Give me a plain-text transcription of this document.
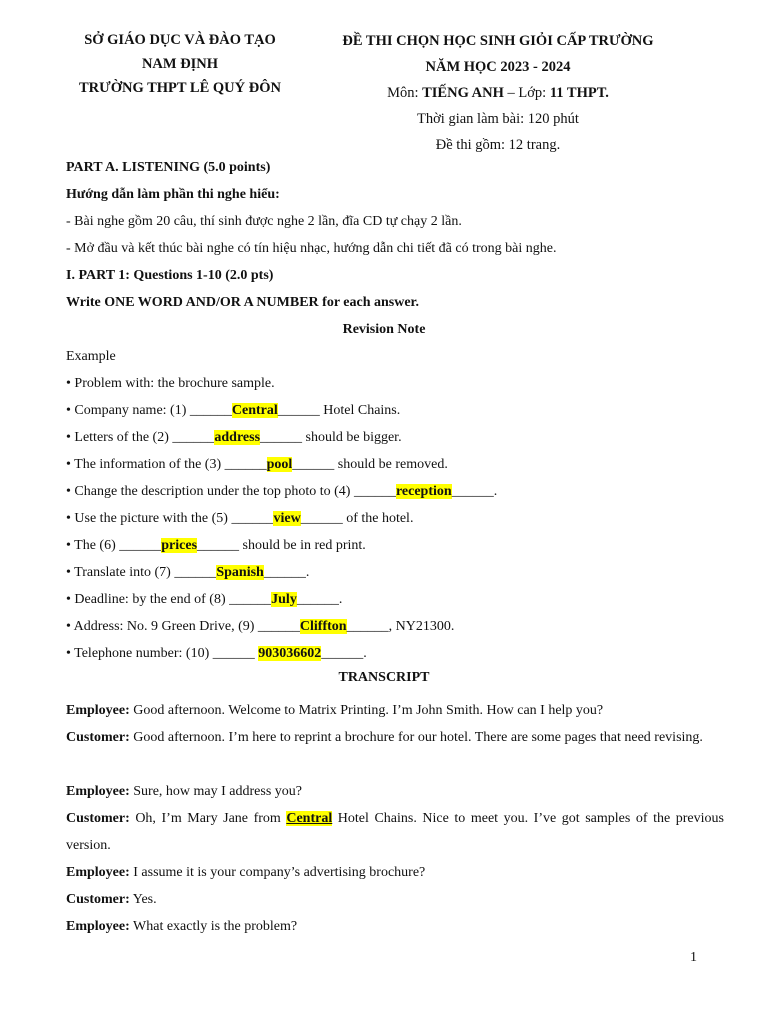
SỞ GIÁO DỤC VÀ ĐÀO TẠO
NAM ĐỊNH
TRƯỜNG THPT LÊ QUÝ ĐÔN
ĐỀ THI CHỌN HỌC SINH GIỎI CẤP TRƯỜNG
NĂM HỌC 2023 - 2024
Môn: TIẾNG ANH – Lớp: 11 THPT.
Thời gian làm bài: 120 phút
Đề thi gồm: 12 trang.
PART A. LISTENING (5.0 points)
Hướng dẫn làm phần thi nghe hiểu:
- Bài nghe gồm 20 câu, thí sinh được nghe 2 lần, đĩa CD tự chạy 2 lần.
- Mở đầu và kết thúc bài nghe có tín hiệu nhạc, hướng dẫn chi tiết đã có trong bài nghe.
I. PART 1: Questions 1-10 (2.0 pts)
Write ONE WORD AND/OR A NUMBER for each answer.
Revision Note
Example
• Problem with: the brochure sample.
• Company name: (1) ______Central______ Hotel Chains.
• Letters of the (2) ______address______ should be bigger.
• The information of the (3) ______pool______ should be removed.
• Change the description under the top photo to (4) ______reception______.
• Use the picture with the (5) ______view______ of the hotel.
• The (6) ______prices______ should be in red print.
• Translate into (7) ______Spanish______.
• Deadline: by the end of (8) ______July______.
• Address: No. 9 Green Drive, (9) ______Cliffton______, NY21300.
• Telephone number: (10) ______ 903036602______.
TRANSCRIPT
Employee: Good afternoon. Welcome to Matrix Printing. I’m John Smith. How can I help you?
Customer: Good afternoon. I’m here to reprint a brochure for our hotel. There are some pages that need revising.
Employee: Sure, how may I address you?
Customer: Oh, I’m Mary Jane from Central Hotel Chains. Nice to meet you. I’ve got samples of the previous version.
Employee: I assume it is your company’s advertising brochure?
Customer: Yes.
Employee: What exactly is the problem?
1
